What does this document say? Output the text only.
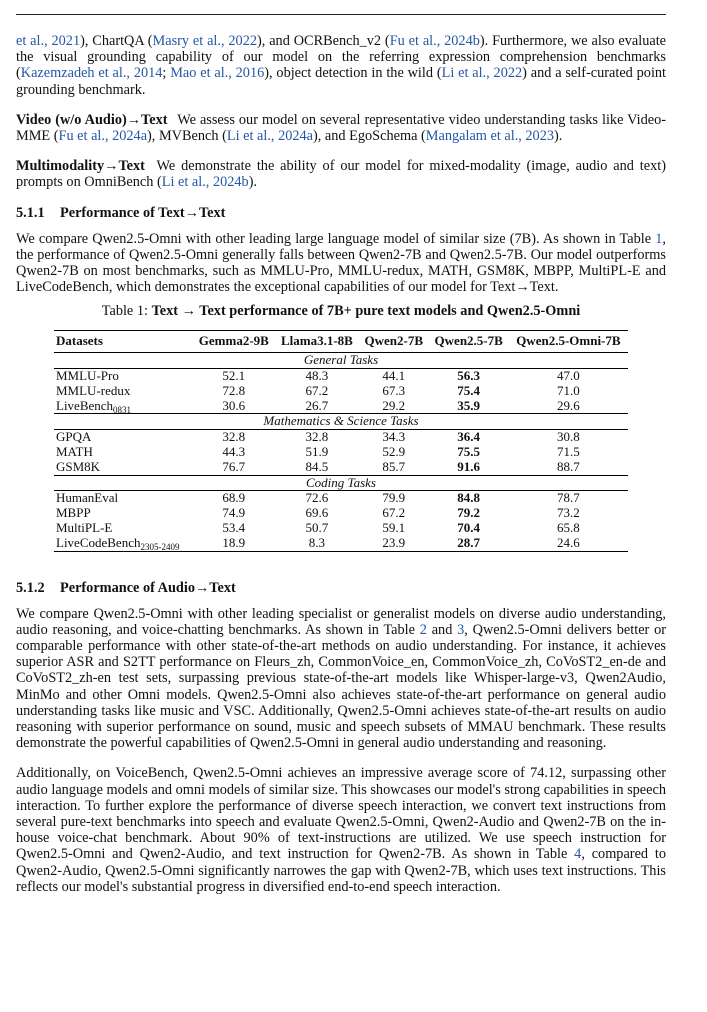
et al., 2021), ChartQA (Masry et al., 2022), and OCRBench_v2 (Fu et al., 2024b). Furthermore, we also evaluate the visual grounding capability of our model on the referring expression comprehension benchmarks (Kazemzadeh et al., 2014; Mao et al., 2016), object detection in the wild (Li et al., 2022) and a self-curated point grounding benchmark.

Video (w/o Audio)→Text We assess our model on several representative video understanding tasks like Video-MME (Fu et al., 2024a), MVBench (Li et al., 2024a), and EgoSchema (Mangalam et al., 2023).

Multimodality→Text We demonstrate the ability of our model for mixed-modality (image, audio and text) prompts on OmniBench (Li et al., 2024b).

5.1.1 Performance of Text→Text

We compare Qwen2.5-Omni with other leading large language model of similar size (7B). As shown in Table 1, the performance of Qwen2.5-Omni generally falls between Qwen2-7B and Qwen2.5-7B. Our model outperforms Qwen2-7B on most benchmarks, such as MMLU-Pro, MMLU-redux, MATH, GSM8K, MBPP, MultiPL-E and LiveCodeBench, which demonstrates the exceptional capabilities of our model for Text→Text.

Table 1: Text → Text performance of 7B+ pure text models and Qwen2.5-Omni
Datasets	Gemma2-9B	Llama3.1-8B	Qwen2-7B	Qwen2.5-7B	Qwen2.5-Omni-7B
General Tasks					
MMLU-Pro	52.1	48.3	44.1	56.3	47.0
MMLU-redux	72.8	67.2	67.3	75.4	71.0
LiveBench$_{0831}$	30.6	26.7	29.2	35.9	29.6
Mathematics & Science Tasks					
GPQA	32.8	32.8	34.3	36.4	30.8
MATH	44.3	51.9	52.9	75.5	71.5
GSM8K	76.7	84.5	85.7	91.6	88.7
Coding Tasks					
HumanEval	68.9	72.6	79.9	84.8	78.7
MBPP	74.9	69.6	67.2	79.2	73.2
MultiPL-E	53.4	50.7	59.1	70.4	65.8
LiveCodeBench$_{2305-2409}$	18.9	8.3	23.9	28.7	24.6
5.1.2 Performance of Audio→Text

We compare Qwen2.5-Omni with other leading specialist or generalist models on diverse audio understanding, audio reasoning, and voice-chatting benchmarks. As shown in Table 2 and 3, Qwen2.5-Omni delivers better or comparable performance with other state-of-the-art methods on audio understanding. For instance, it achieves superior ASR and S2TT performance on Fleurs_zh, CommonVoice_en, CommonVoice_zh, CoVoST2_en-de and CoVoST2_zh-en test sets, surpassing previous state-of-the-art models like Whisper-large-v3, Qwen2Audio, MinMo and other Omni models. Qwen2.5-Omni also achieves state-of-the-art performance on general audio understanding tasks like music and VSC. Additionally, Qwen2.5-Omni achieves state-of-the-art results on audio reasoning with superior performance on sound, music and speech subsets of MMAU benchmark. These results demonstrate the powerful capabilities of Qwen2.5-Omni in general audio understanding and reasoning.

Additionally, on VoiceBench, Qwen2.5-Omni achieves an impressive average score of 74.12, surpassing other audio language models and omni models of similar size. This showcases our model's strong capabilities in speech interaction. To further explore the performance of diverse speech interaction, we convert text instructions from several pure-text benchmarks into speech and evaluate Qwen2.5-Omni, Qwen2-Audio and Qwen2-7B on the in-house voice-chat benchmark. About 90% of text-instructions are utilized. We use speech instruction for Qwen2.5-Omni and Qwen2-Audio, and text instruction for Qwen2-7B. As shown in Table 4, compared to Qwen2-Audio, Qwen2.5-Omni significantly narrowes the gap with Qwen2-7B, which uses text instructions. This reflects our model's substantial progress in diversified end-to-end speech interaction.
